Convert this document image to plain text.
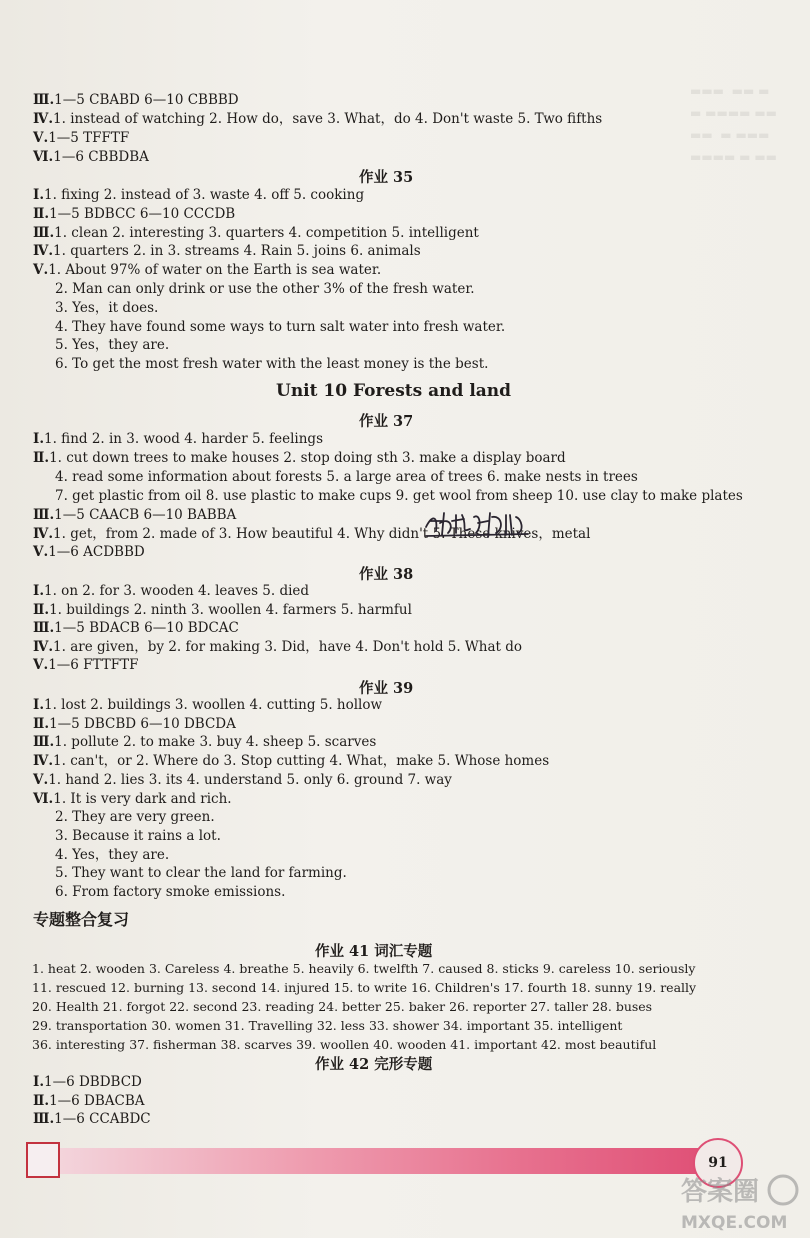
▬▬▬  ▬▬ ▬
▬ ▬▬▬▬ ▬▬
▬▬  ▬ ▬▬▬
▬▬▬▬ ▬ ▬▬
Ⅲ.1—5 CBABD 6—10 CBBBD
Ⅳ.1. instead of watching 2. How do，save 3. What，do 4. Don't waste 5. Two fifths
Ⅴ.1—5 TFFTF
Ⅵ.1—6 CBBDBA
作业 35
Ⅰ.1. fixing 2. instead of 3. waste 4. off 5. cooking
Ⅱ.1—5 BDBCC 6—10 CCCDB
Ⅲ.1. clean 2. interesting 3. quarters 4. competition 5. intelligent
Ⅳ.1. quarters 2. in 3. streams 4. Rain 5. joins 6. animals
Ⅴ.1. About 97% of water on the Earth is sea water.
2. Man can only drink or use the other 3% of the fresh water.
3. Yes，it does.
4. They have found some ways to turn salt water into fresh water.
5. Yes，they are.
6. To get the most fresh water with the least money is the best.
Unit 10 Forests and land
作业 37
Ⅰ.1. find 2. in 3. wood 4. harder 5. feelings
Ⅱ.1. cut down trees to make houses 2. stop doing sth 3. make a display board
4. read some information about forests 5. a large area of trees 6. make nests in trees
7. get plastic from oil 8. use plastic to make cups 9. get wool from sheep 10. use clay to make plates
Ⅲ.1—5 CAACB 6—10 BABBA
Ⅳ.1. get，from 2. made of 3. How beautiful 4. Why didn't 5. These knives，metal
Ⅴ.1—6 ACDBBD
作业 38
Ⅰ.1. on 2. for 3. wooden 4. leaves 5. died
Ⅱ.1. buildings 2. ninth 3. woollen 4. farmers 5. harmful
Ⅲ.1—5 BDACB 6—10 BDCAC
Ⅳ.1. are given，by 2. for making 3. Did，have 4. Don't hold 5. What do
Ⅴ.1—6 FTTFTF
作业 39
Ⅰ.1. lost 2. buildings 3. woollen 4. cutting 5. hollow
Ⅱ.1—5 DBCBD 6—10 DBCDA
Ⅲ.1. pollute 2. to make 3. buy 4. sheep 5. scarves
Ⅳ.1. can't，or 2. Where do 3. Stop cutting 4. What，make 5. Whose homes
Ⅴ.1. hand 2. lies 3. its 4. understand 5. only 6. ground 7. way
Ⅵ.1. It is very dark and rich.
2. They are very green.
3. Because it rains a lot.
4. Yes，they are.
5. They want to clear the land for farming.
6. From factory smoke emissions.
专题整合复习
作业 41 词汇专题
1. heat 2. wooden 3. Careless 4. breathe 5. heavily 6. twelfth 7. caused 8. sticks 9. careless 10. seriously
11. rescued 12. burning 13. second 14. injured 15. to write 16. Children's 17. fourth 18. sunny 19. really
20. Health 21. forgot 22. second 23. reading 24. better 25. baker 26. reporter 27. taller 28. buses
29. transportation 30. women 31. Travelling 32. less 33. shower 34. important 35. intelligent
36. interesting 37. fisherman 38. scarves 39. woollen 40. wooden 41. important 42. most beautiful
作业 42 完形专题
Ⅰ.1—6 DBDBCD
Ⅱ.1—6 DBACBA
Ⅲ.1—6 CCABDC
91
答案圈
MXQE.COM
